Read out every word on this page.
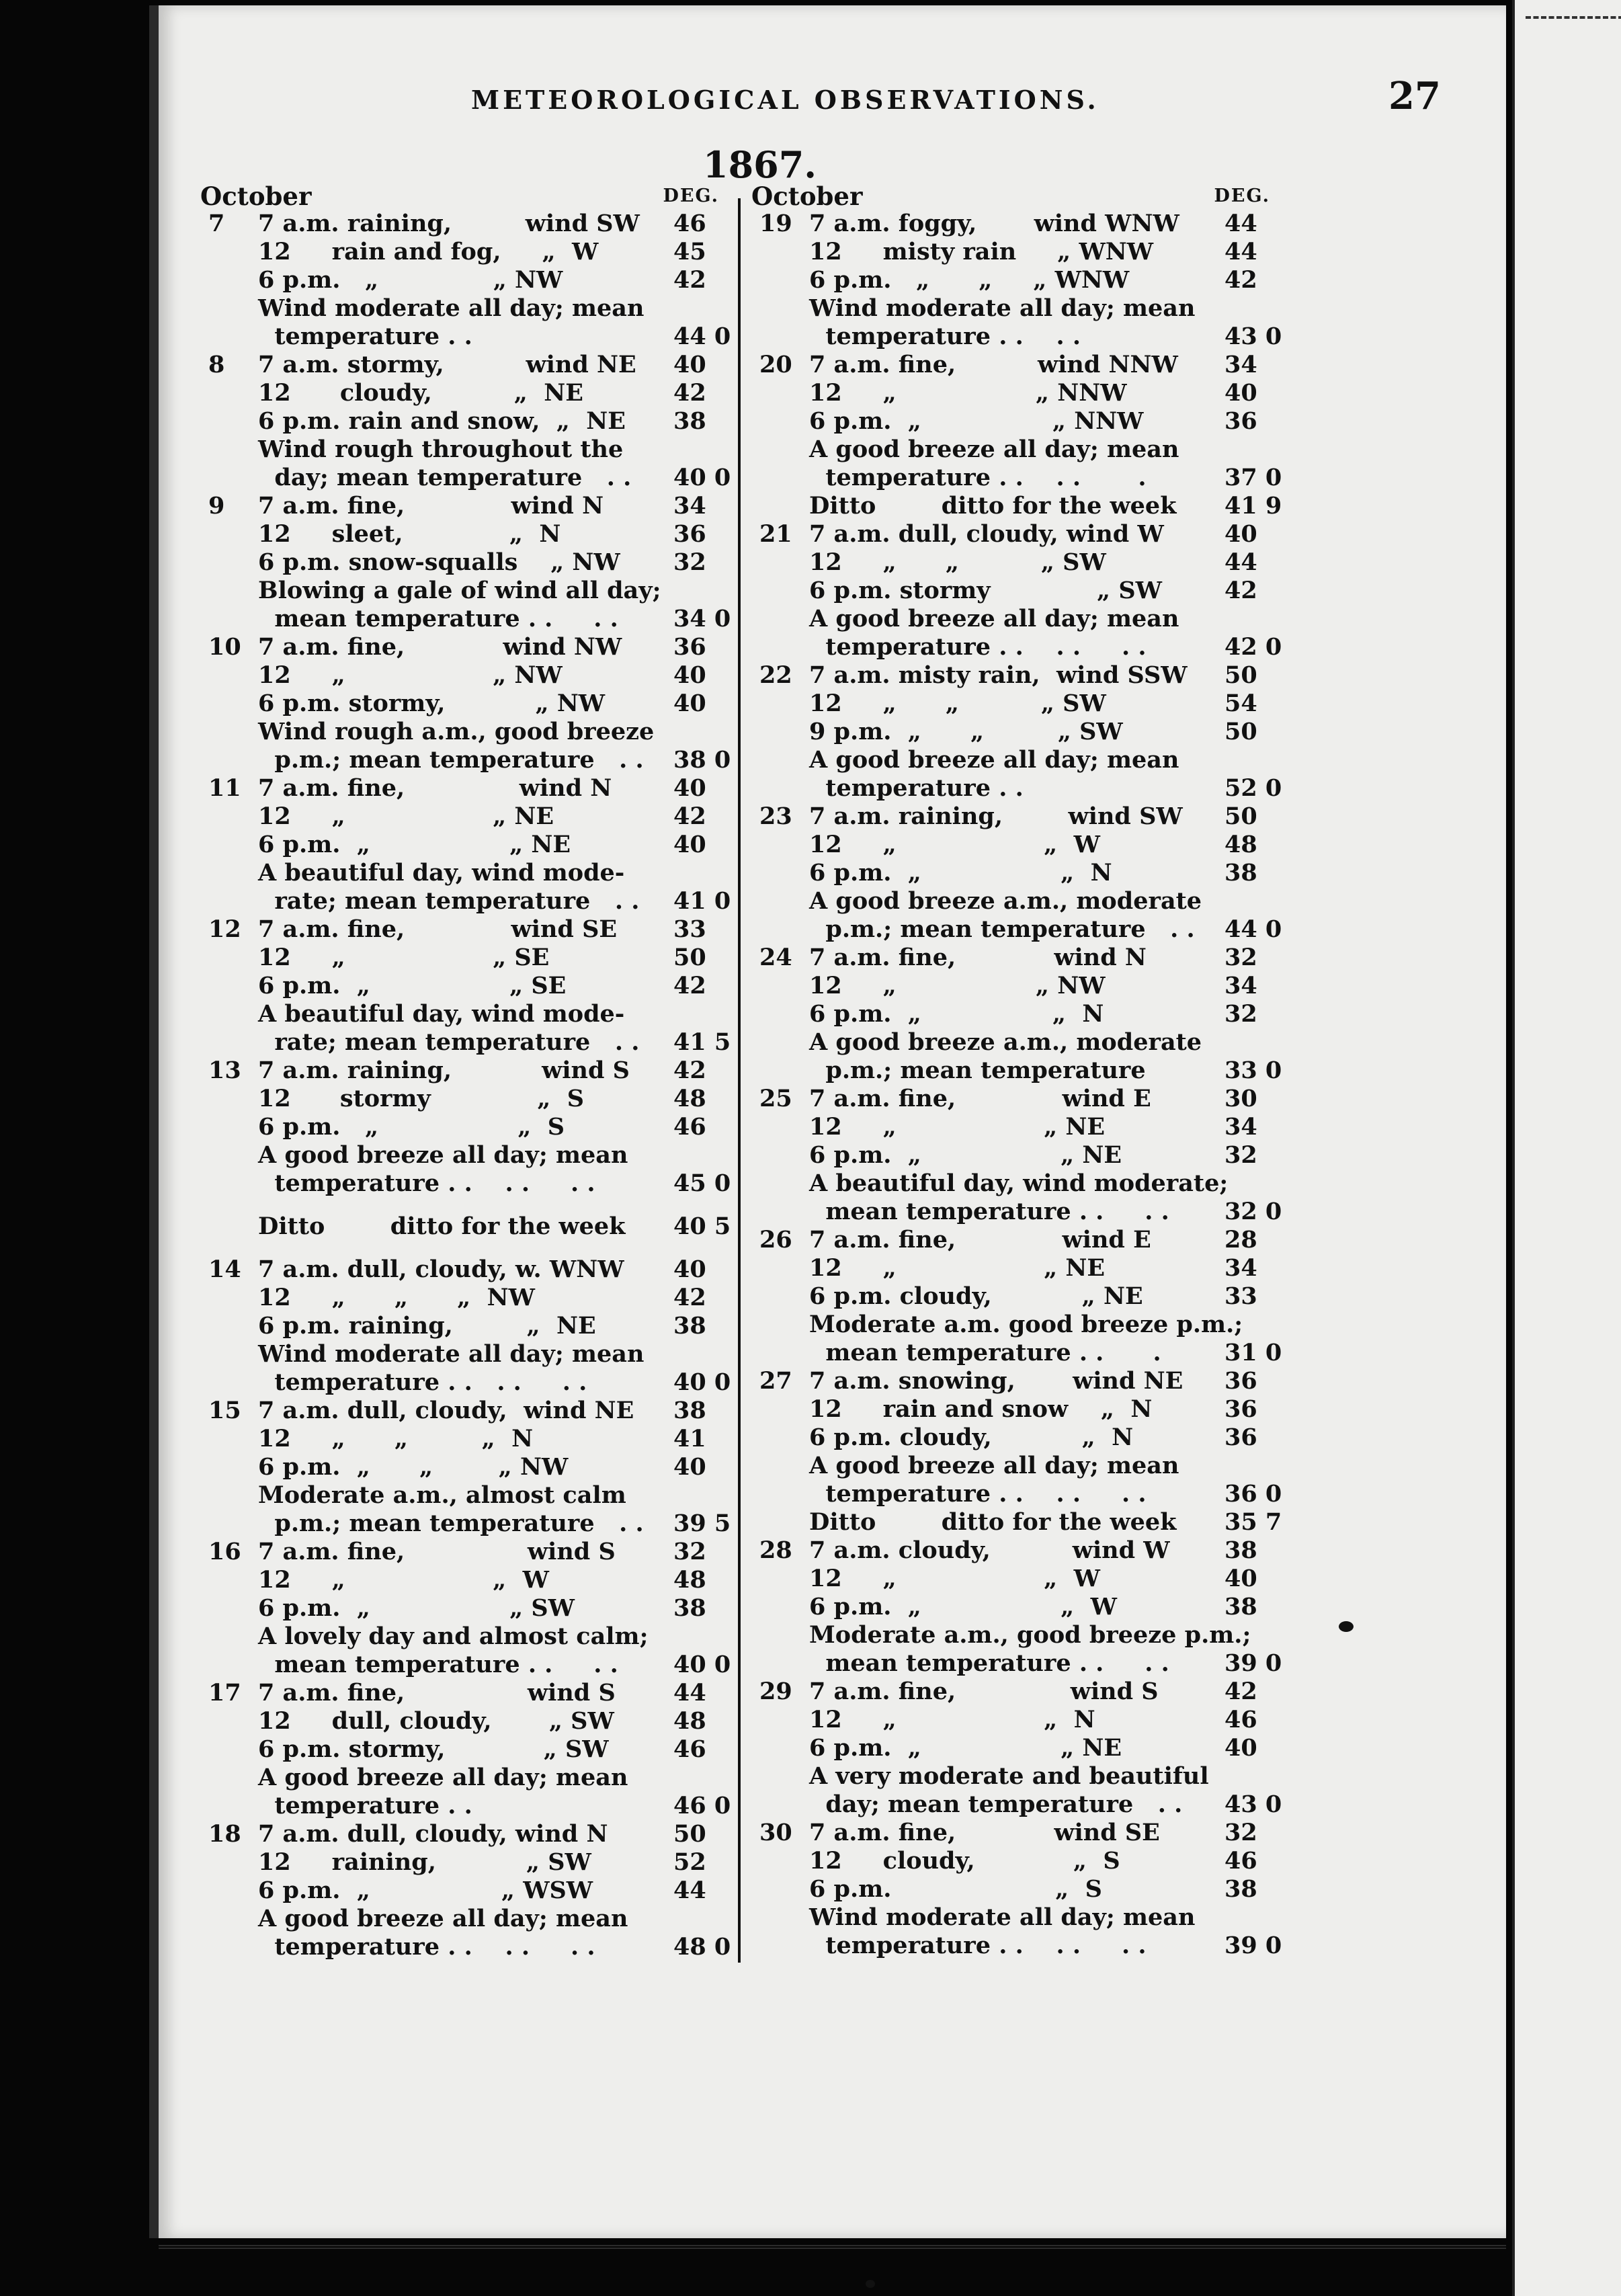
METEOROLOGICAL OBSERVATIONS.	27
1867.
October	DEG.
7 7 a.m. raining,         wind SW 46
12     rain and fog,     „  W	45
6 p.m.   „              „ NW	42
Wind moderate all day; mean
temperature . .	44 0
8 7 a.m. stormy,          wind NE 40
12      cloudy,          „  NE	42
6 p.m. rain and snow,  „  NE 38
Wind rough throughout the
day; mean temperature   . . 40 0
9 7 a.m. fine,             wind N	34
12     sleet,             „  N	36
6 p.m. snow-squalls    „ NW 32
Blowing a gale of wind all day;
mean temperature . .     . . 34 0
10 7 a.m. fine,            wind NW 36
12     „                  „ NW	40
6 p.m. stormy,           „ NW	40
Wind rough a.m., good breeze
p.m.; mean temperature   . . 38 0
11 7 a.m. fine,              wind N	40
12     „                  „ NE	42
6 p.m.  „                 „ NE	40
A beautiful day, wind mode-
rate; mean temperature   . . 41 0
12 7 a.m. fine,             wind SE 33
12     „                  „ SE	50
6 p.m.  „                 „ SE	42
A beautiful day, wind mode-
rate; mean temperature   . . 41 5
13 7 a.m. raining,           wind S 42
12      stormy             „  S	48
6 p.m.   „                 „  S	46
A good breeze all day; mean
temperature . .    . .     . .	45 0
Ditto        ditto for the week 40 5
14 7 a.m. dull, cloudy, w. WNW 40
12     „      „      „  NW	42
6 p.m. raining,         „  NE	38
Wind moderate all day; mean
temperature . .   . .     . .	40 0
15 7 a.m. dull, cloudy,  wind NE 38
12     „      „         „  N	41
6 p.m.  „      „        „ NW	40
Moderate a.m., almost calm
p.m.; mean temperature   . . 39 5
16 7 a.m. fine,               wind S 32
12     „                  „  W	48
6 p.m.  „                 „ SW	38
A lovely day and almost calm;
mean temperature . .     . . 40 0
17 7 a.m. fine,               wind S 44
12     dull, cloudy,       „ SW	48
6 p.m. stormy,            „ SW	46
A good breeze all day; mean
temperature . .	46 0
18 7 a.m. dull, cloudy, wind N	50
12     raining,           „ SW	52
6 p.m.  „                „ WSW	44
A good breeze all day; mean
temperature . .    . .     . .	48 0
October	DEG.
19 7 a.m. foggy,       wind WNW 44
12     misty rain     „ WNW	44
6 p.m.   „      „     „ WNW	42
Wind moderate all day; mean
temperature . .    . .	43 0
20 7 a.m. fine,          wind NNW 34
12     „                 „ NNW	40
6 p.m.  „                „ NNW	36
A good breeze all day; mean
temperature . .    . .       .	37 0
Ditto        ditto for the week 41 9
21 7 a.m. dull, cloudy, wind W	40
12     „      „          „ SW	44
6 p.m. stormy             „ SW	42
A good breeze all day; mean
temperature . .    . .     . .	42 0
22 7 a.m. misty rain,  wind SSW 50
12     „      „          „ SW	54
9 p.m.  „      „         „ SW	50
A good breeze all day; mean
temperature . .	52 0
23 7 a.m. raining,        wind SW 50
12     „                  „  W	48
6 p.m.  „                 „  N	38
A good breeze a.m., moderate
p.m.; mean temperature   . . 44 0
24 7 a.m. fine,            wind N	32
12     „                 „ NW	34
6 p.m.  „                „  N	32
A good breeze a.m., moderate
p.m.; mean temperature	33 0
25 7 a.m. fine,             wind E	30
12     „                  „ NE	34
6 p.m.  „                 „ NE	32
A beautiful day, wind moderate;
mean temperature . .     . . 32 0
26 7 a.m. fine,             wind E	28
12     „                  „ NE	34
6 p.m. cloudy,           „ NE	33
Moderate a.m. good breeze p.m.;
mean temperature . .      .	31 0
27 7 a.m. snowing,       wind NE 36
12     rain and snow    „  N	36
6 p.m. cloudy,           „  N	36
A good breeze all day; mean
temperature . .    . .     . .	36 0
Ditto        ditto for the week 35 7
28 7 a.m. cloudy,          wind W 38
12     „                  „  W	40
6 p.m.  „                 „  W	38
Moderate a.m., good breeze p.m.;
mean temperature . .     . . 39 0
29 7 a.m. fine,              wind S	42
12     „                  „  N	46
6 p.m.  „                 „ NE	40
A very moderate and beautiful
day; mean temperature   . . 43 0
30 7 a.m. fine,            wind SE	32
12     cloudy,            „  S	46
6 p.m.                    „  S	38
Wind moderate all day; mean
temperature . .    . .     . .	39 0
